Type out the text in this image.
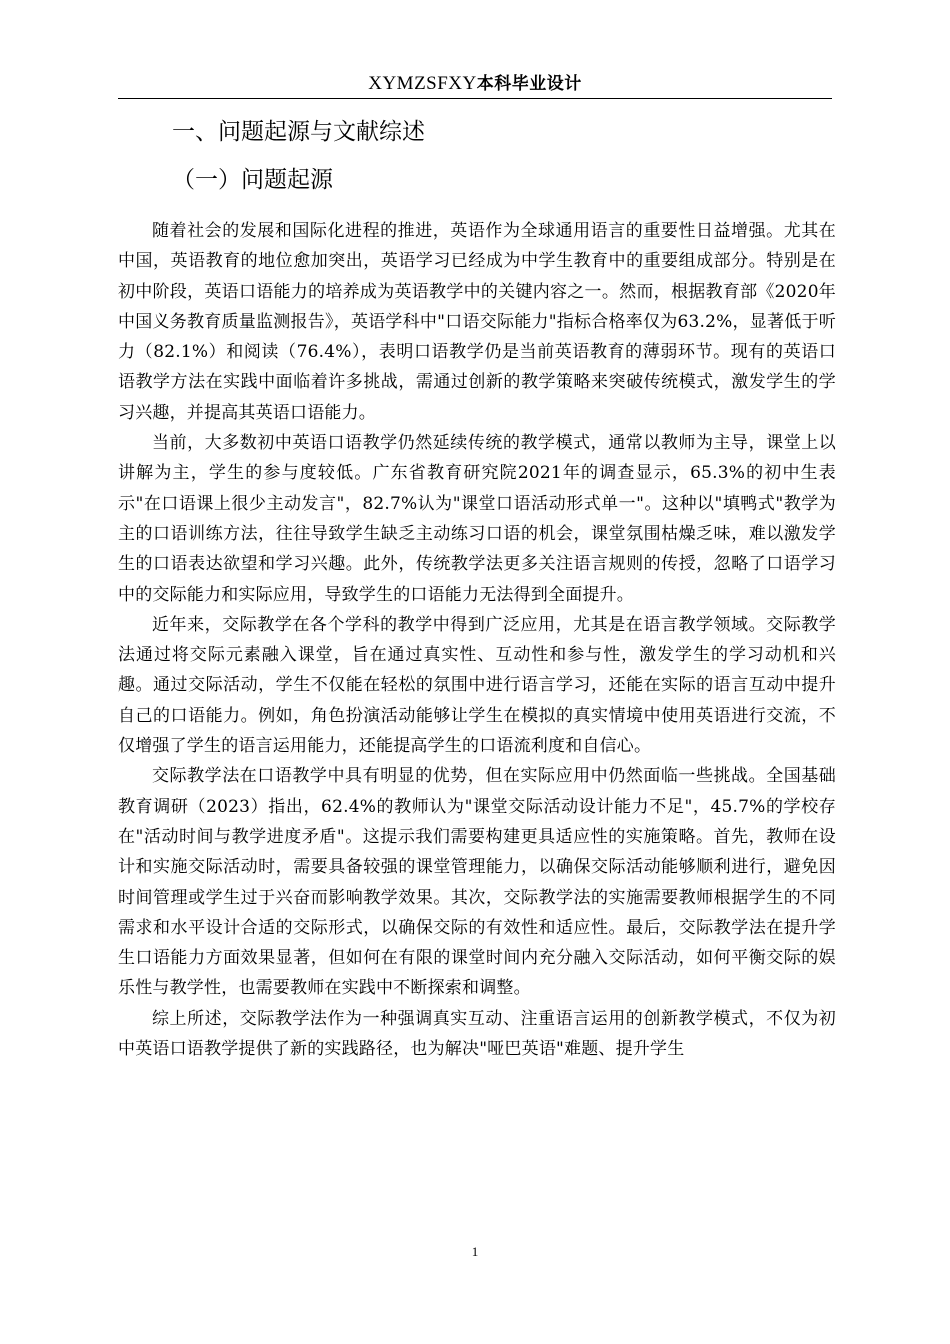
XYMZSFXY本科毕业设计
一、问题起源与文献综述
（一）问题起源

随着社会的发展和国际化进程的推进，英语作为全球通用语言的重要性日益增强。尤其在中国，英语教育的地位愈加突出，英语学习已经成为中学生教育中的重要组成部分。特别是在初中阶段，英语口语能力的培养成为英语教学中的关键内容之一。然而，根据教育部《2020年中国义务教育质量监测报告》，英语学科中"口语交际能力"指标合格率仅为63.2%，显著低于听力（82.1%）和阅读（76.4%），表明口语教学仍是当前英语教育的薄弱环节。现有的英语口语教学方法在实践中面临着许多挑战，需通过创新的教学策略来突破传统模式，激发学生的学习兴趣，并提高其英语口语能力。

当前，大多数初中英语口语教学仍然延续传统的教学模式，通常以教师为主导，课堂上以讲解为主，学生的参与度较低。广东省教育研究院2021年的调查显示，65.3%的初中生表示"在口语课上很少主动发言"，82.7%认为"课堂口语活动形式单一"。这种以"填鸭式"教学为主的口语训练方法，往往导致学生缺乏主动练习口语的机会，课堂氛围枯燥乏味，难以激发学生的口语表达欲望和学习兴趣。此外，传统教学法更多关注语言规则的传授，忽略了口语学习中的交际能力和实际应用，导致学生的口语能力无法得到全面提升。

近年来，交际教学在各个学科的教学中得到广泛应用，尤其是在语言教学领域。交际教学法通过将交际元素融入课堂，旨在通过真实性、互动性和参与性，激发学生的学习动机和兴趣。通过交际活动，学生不仅能在轻松的氛围中进行语言学习，还能在实际的语言互动中提升自己的口语能力。例如，角色扮演活动能够让学生在模拟的真实情境中使用英语进行交流，不仅增强了学生的语言运用能力，还能提高学生的口语流利度和自信心。

交际教学法在口语教学中具有明显的优势，但在实际应用中仍然面临一些挑战。全国基础教育调研（2023）指出，62.4%的教师认为"课堂交际活动设计能力不足"，45.7%的学校存在"活动时间与教学进度矛盾"。这提示我们需要构建更具适应性的实施策略。首先，教师在设计和实施交际活动时，需要具备较强的课堂管理能力，以确保交际活动能够顺利进行，避免因时间管理或学生过于兴奋而影响教学效果。其次，交际教学法的实施需要教师根据学生的不同需求和水平设计合适的交际形式，以确保交际的有效性和适应性。最后，交际教学法在提升学生口语能力方面效果显著，但如何在有限的课堂时间内充分融入交际活动，如何平衡交际的娱乐性与教学性，也需要教师在实践中不断探索和调整。

综上所述，交际教学法作为一种强调真实互动、注重语言运用的创新教学模式，不仅为初中英语口语教学提供了新的实践路径，也为解决"哑巴英语"难题、提升学生

1
